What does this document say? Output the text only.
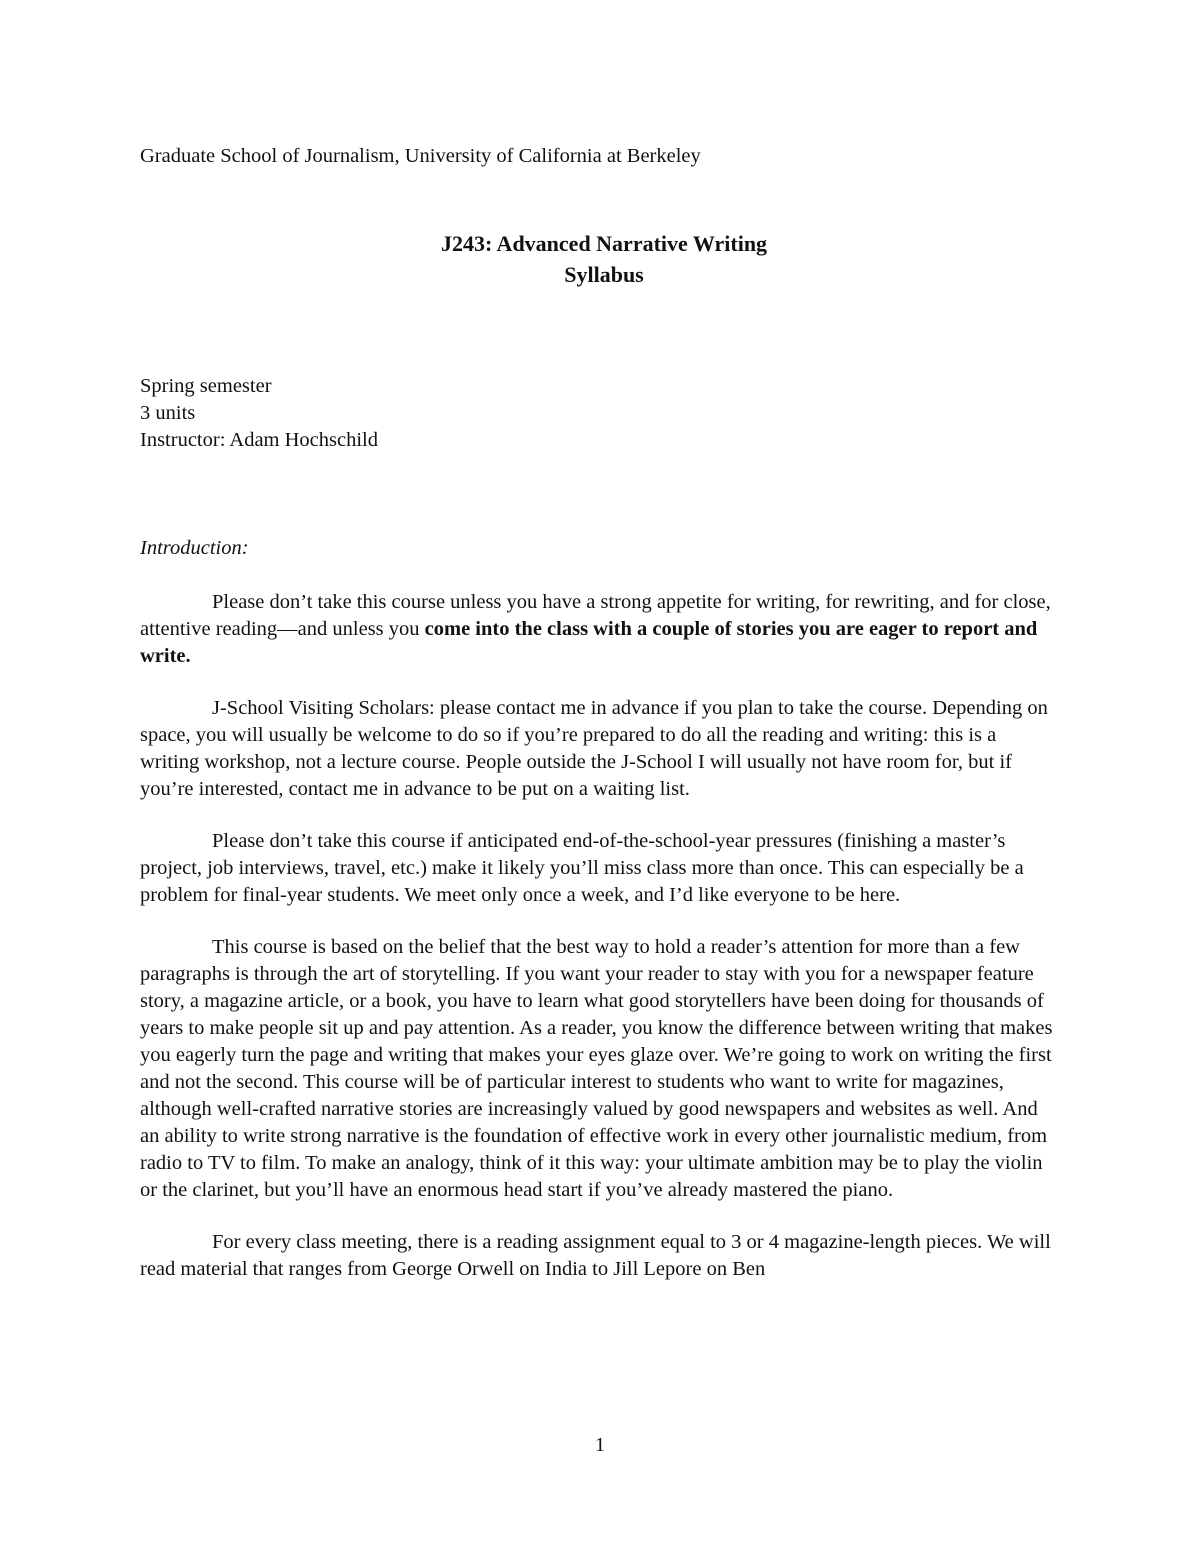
Graduate School of Journalism, University of California at Berkeley

J243: Advanced Narrative Writing
Syllabus
Spring semester
3 units
Instructor: Adam Hochschild
Introduction:

Please don’t take this course unless you have a strong appetite for writing, for rewriting, and for close, attentive reading—and unless you come into the class with a couple of stories you are eager to report and write.

J-School Visiting Scholars: please contact me in advance if you plan to take the course. Depending on space, you will usually be welcome to do so if you’re prepared to do all the reading and writing: this is a writing workshop, not a lecture course. People outside the J-School I will usually not have room for, but if you’re interested, contact me in advance to be put on a waiting list.

Please don’t take this course if anticipated end-of-the-school-year pressures (finishing a master’s project, job interviews, travel, etc.) make it likely you’ll miss class more than once. This can especially be a problem for final-year students. We meet only once a week, and I’d like everyone to be here.

This course is based on the belief that the best way to hold a reader’s attention for more than a few paragraphs is through the art of storytelling. If you want your reader to stay with you for a newspaper feature story, a magazine article, or a book, you have to learn what good storytellers have been doing for thousands of years to make people sit up and pay attention. As a reader, you know the difference between writing that makes you eagerly turn the page and writing that makes your eyes glaze over. We’re going to work on writing the first and not the second. This course will be of particular interest to students who want to write for magazines, although well-crafted narrative stories are increasingly valued by good newspapers and websites as well. And an ability to write strong narrative is the foundation of effective work in every other journalistic medium, from radio to TV to film. To make an analogy, think of it this way: your ultimate ambition may be to play the violin or the clarinet, but you’ll have an enormous head start if you’ve already mastered the piano.

For every class meeting, there is a reading assignment equal to 3 or 4 magazine-length pieces. We will read material that ranges from George Orwell on India to Jill Lepore on Ben

1
